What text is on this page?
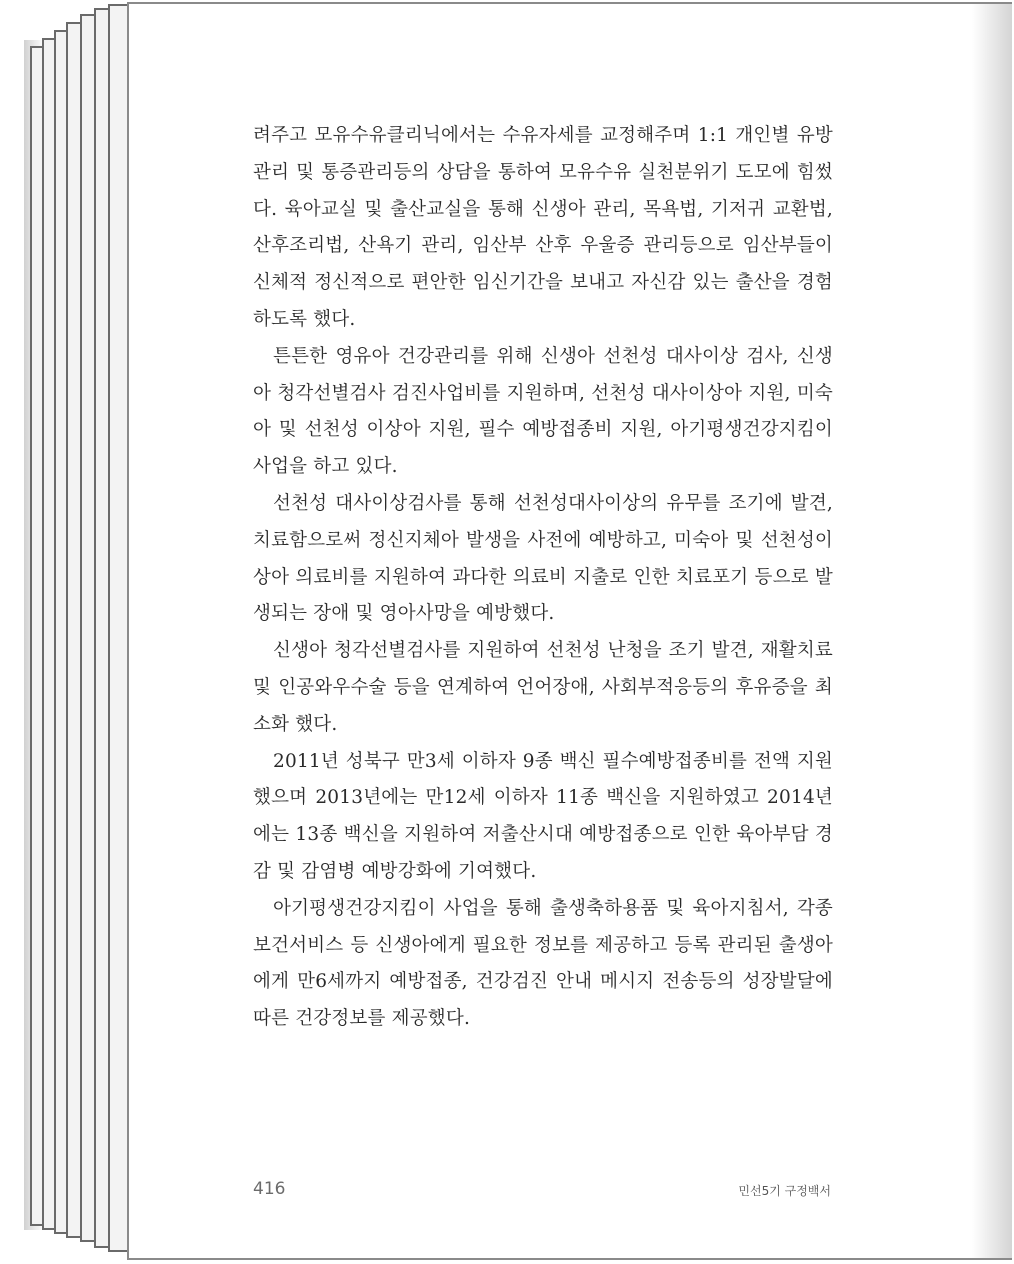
려주고 모유수유클리닉에서는 수유자세를 교정해주며 1:1 개인별 유방관리 및 통증관리등의 상담을 통하여 모유수유 실천분위기 도모에 힘썼다. 육아교실 및 출산교실을 통해 신생아 관리, 목욕법, 기저귀 교환법, 산후조리법, 산욕기 관리, 임산부 산후 우울증 관리등으로 임산부들이 신체적 정신적으로 편안한 임신기간을 보내고 자신감 있는 출산을 경험하도록 했다.

튼튼한 영유아 건강관리를 위해 신생아 선천성 대사이상 검사, 신생아 청각선별검사 검진사업비를 지원하며, 선천성 대사이상아 지원, 미숙아 및 선천성 이상아 지원, 필수 예방접종비 지원, 아기평생건강지킴이 사업을 하고 있다.

선천성 대사이상검사를 통해 선천성대사이상의 유무를 조기에 발견, 치료함으로써 정신지체아 발생을 사전에 예방하고, 미숙아 및 선천성이상아 의료비를 지원하여 과다한 의료비 지출로 인한 치료포기 등으로 발생되는 장애 및 영아사망을 예방했다.

신생아 청각선별검사를 지원하여 선천성 난청을 조기 발견, 재활치료 및 인공와우수술 등을 연계하여 언어장애, 사회부적응등의 후유증을 최소화 했다.

2011년 성북구 만3세 이하자 9종 백신 필수예방접종비를 전액 지원했으며 2013년에는 만12세 이하자 11종 백신을 지원하였고 2014년에는 13종 백신을 지원하여 저출산시대 예방접종으로 인한 육아부담 경감 및 감염병 예방강화에 기여했다.

아기평생건강지킴이 사업을 통해 출생축하용품 및 육아지침서, 각종보건서비스 등 신생아에게 필요한 정보를 제공하고 등록 관리된 출생아에게 만6세까지 예방접종, 건강검진 안내 메시지 전송등의 성장발달에 따른 건강정보를 제공했다.

416	민선5기 구정백서
